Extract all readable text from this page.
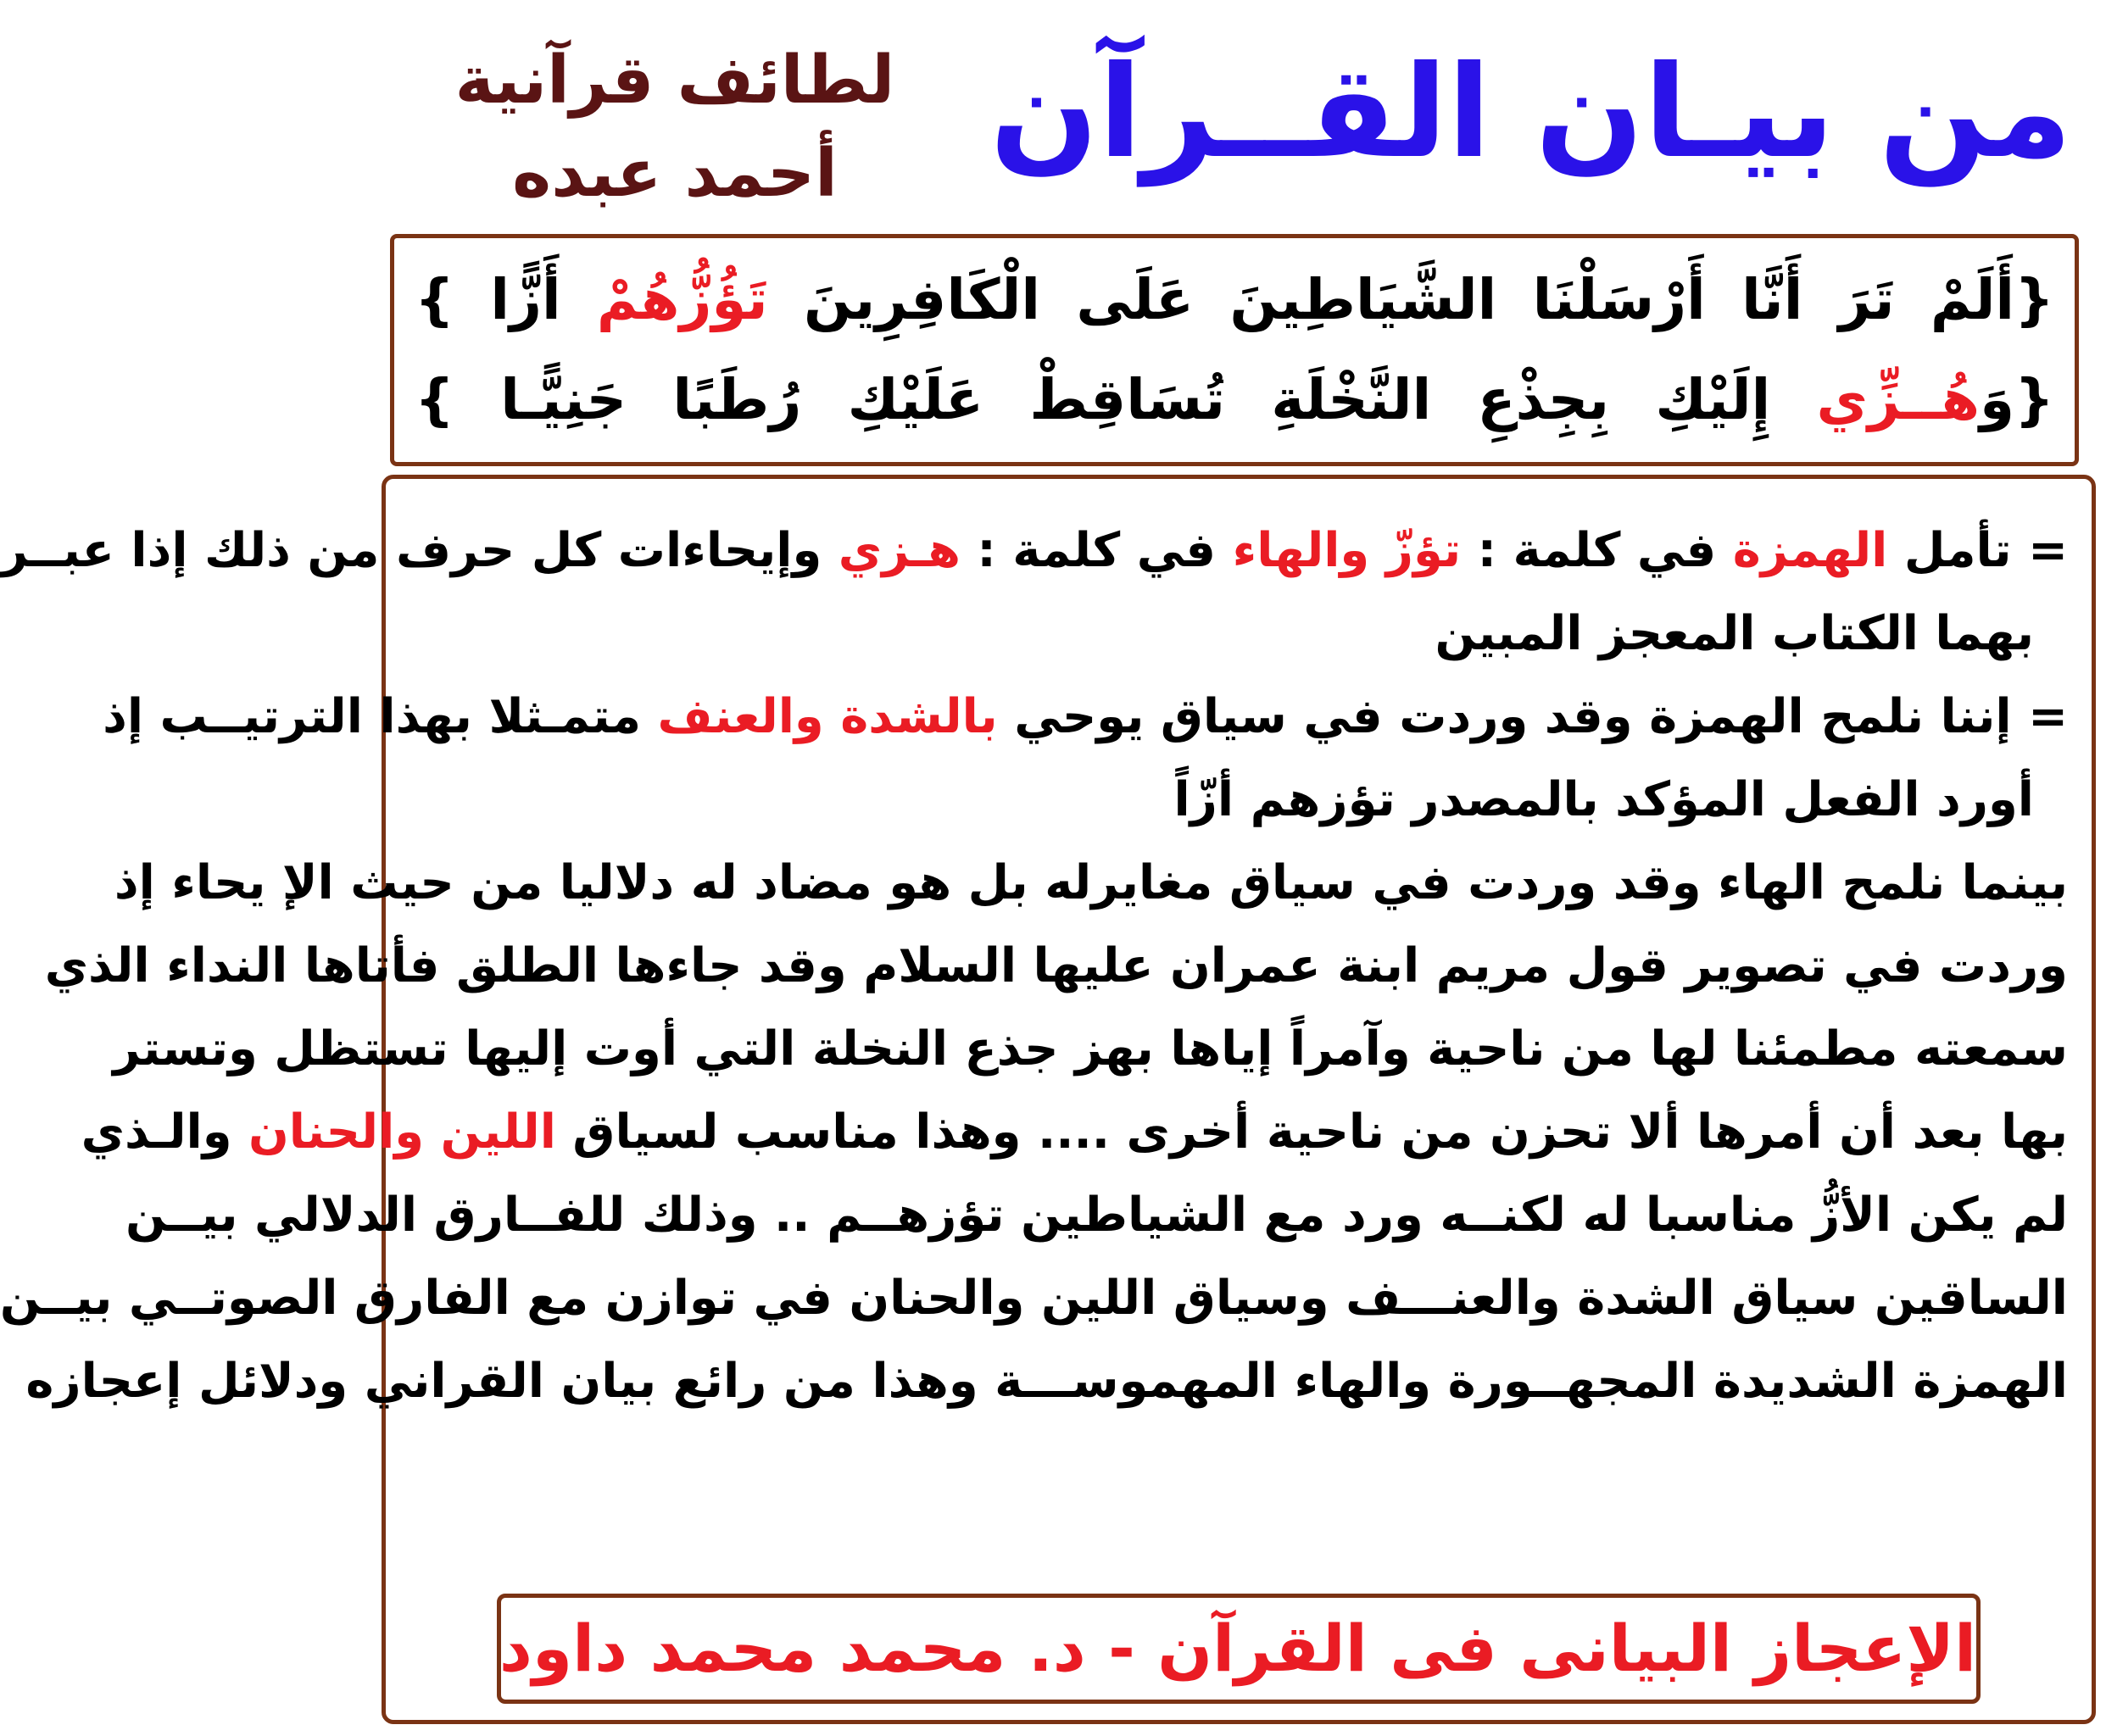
من بيـان القــرآن
لطائف قرآنية
أحمد عبده
{أَلَمْ تَرَ أَنَّا أَرْسَلْنَا الشَّيَاطِينَ عَلَى الْكَافِرِينَ تَؤُزُّهُمْ أَزًّا }
{وَهُــزِّي إِلَيْكِ بِجِذْعِ النَّخْلَةِ تُسَاقِطْ عَلَيْكِ رُطَبًا جَنِيًّـا }
= تأمل الهمزة في كلمة : تؤزّ والهاء في كلمة : هـزي وإيحاءات كل حرف من ذلك إذا عبــر
بهما الكتاب المعجز المبين
= إننا نلمح الهمزة وقد وردت في سياق يوحي بالشدة والعنف متمـثلا بهذا الترتيــب إذ
أورد الفعل المؤكد بالمصدر تؤزهم أزّاً
بينما نلمح الهاء وقد وردت في سياق مغايرله بل هو مضاد له دلاليا من حيث الإ يحاء إذ
وردت في تصوير قول مريم ابنة عمران عليها السلام وقد جاءها الطلق فأتاها النداء الذي
سمعته مطمئنا لها من ناحية وآمراً إياها بهز جذع النخلة التي أوت إليها تستظل وتستر
بها بعد أن أمرها ألا تحزن من ناحية أخرى .... وهذا مناسب لسياق اللين والحنان والـذي
لم يكن الأزُّ مناسبا له لكنــه ورد مع الشياطين تؤزهــم .. وذلك للفــارق الدلالي بيــن
الساقين سياق الشدة والعنـــف وسياق اللين والحنان في توازن مع الفارق الصوتــي بيــن
الهمزة الشديدة المجهــورة والهاء المهموســـة وهذا من رائع بيان القراني ودلائل إعجازه
الإعجاز البيانى فى القرآن - د. محمد محمد داود
